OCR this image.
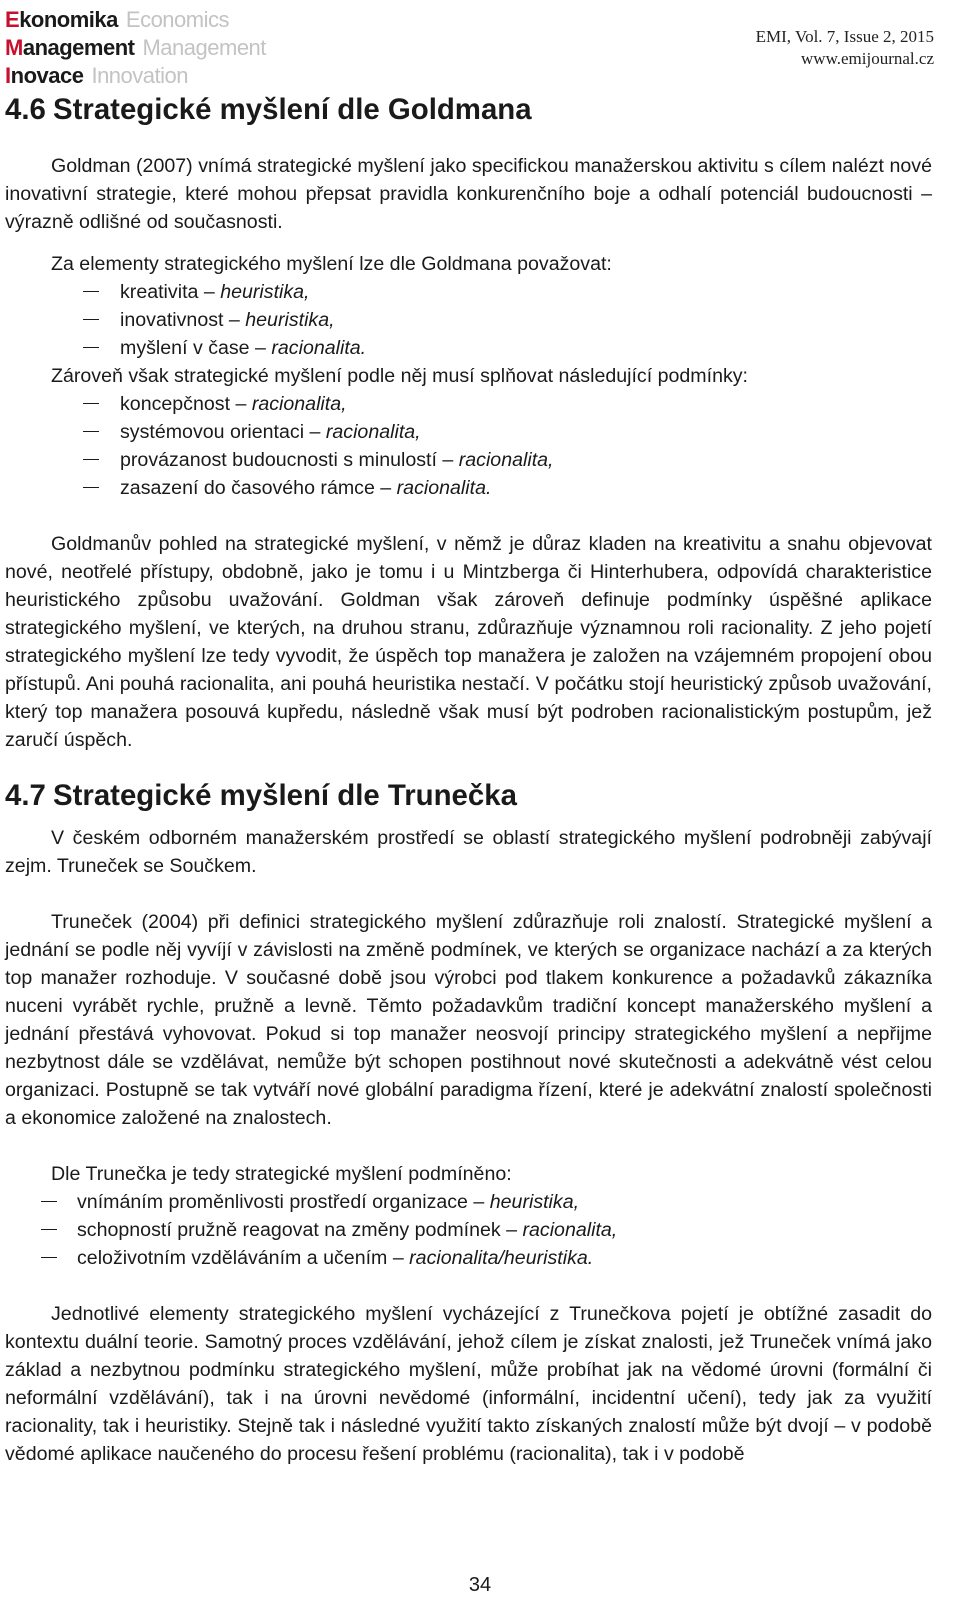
Ekonomika Economics
Management Management
Inovace Innovation
EMI, Vol. 7, Issue 2, 2015
www.emijournal.cz
4.6 Strategické myšlení dle Goldmana

Goldman (2007) vnímá strategické myšlení jako specifickou manažerskou aktivitu s cílem nalézt nové inovativní strategie, které mohou přepsat pravidla konkurenčního boje a odhalí potenciál budoucnosti – výrazně odlišné od současnosti.

Za elementy strategického myšlení lze dle Goldmana považovat:

kreativita – heuristika,
inovativnost – heuristika,
myšlení v čase – racionalita.

Zároveň však strategické myšlení podle něj musí splňovat následující podmínky:

koncepčnost – racionalita,
systémovou orientaci – racionalita,
provázanost budoucnosti s minulostí – racionalita,
zasazení do časového rámce – racionalita.

Goldmanův pohled na strategické myšlení, v němž je důraz kladen na kreativitu a snahu objevovat nové, neotřelé přístupy, obdobně, jako je tomu i u Mintzberga či Hinterhubera, odpovídá charakteristice heuristického způsobu uvažování. Goldman však zároveň definuje podmínky úspěšné aplikace strategického myšlení, ve kterých, na druhou stranu, zdůrazňuje významnou roli racionality. Z jeho pojetí strategického myšlení lze tedy vyvodit, že úspěch top manažera je založen na vzájemném propojení obou přístupů. Ani pouhá racionalita, ani pouhá heuristika nestačí. V počátku stojí heuristický způsob uvažování, který top manažera posouvá kupředu, následně však musí být podroben racionalistickým postupům, jež zaručí úspěch.

4.7 Strategické myšlení dle Trunečka

V českém odborném manažerském prostředí se oblastí strategického myšlení podrobněji zabývají zejm. Truneček se Součkem.

Truneček (2004) při definici strategického myšlení zdůrazňuje roli znalostí. Strategické myšlení a jednání se podle něj vyvíjí v závislosti na změně podmínek, ve kterých se organizace nachází a za kterých top manažer rozhoduje. V současné době jsou výrobci pod tlakem konkurence a požadavků zákazníka nuceni vyrábět rychle, pružně a levně. Těmto požadavkům tradiční koncept manažerského myšlení a jednání přestává vyhovovat. Pokud si top manažer neosvojí principy strategického myšlení a nepřijme nezbytnost dále se vzdělávat, nemůže být schopen postihnout nové skutečnosti a adekvátně vést celou organizaci. Postupně se tak vytváří nové globální paradigma řízení, které je adekvátní znalostí společnosti a ekonomice založené na znalostech.

Dle Trunečka je tedy strategické myšlení podmíněno:

vnímáním proměnlivosti prostředí organizace – heuristika,
schopností pružně reagovat na změny podmínek – racionalita,
celoživotním vzděláváním a učením – racionalita/heuristika.

Jednotlivé elementy strategického myšlení vycházející z Trunečkova pojetí je obtížné zasadit do kontextu duální teorie. Samotný proces vzdělávání, jehož cílem je získat znalosti, jež Truneček vnímá jako základ a nezbytnou podmínku strategického myšlení, může probíhat jak na vědomé úrovni (formální či neformální vzdělávání), tak i na úrovni nevědomé (informální, incidentní učení), tedy jak za využití racionality, tak i heuristiky. Stejně tak i následné využití takto získaných znalostí může být dvojí – v podobě vědomé aplikace naučeného do procesu řešení problému (racionalita), tak i v podobě

34
